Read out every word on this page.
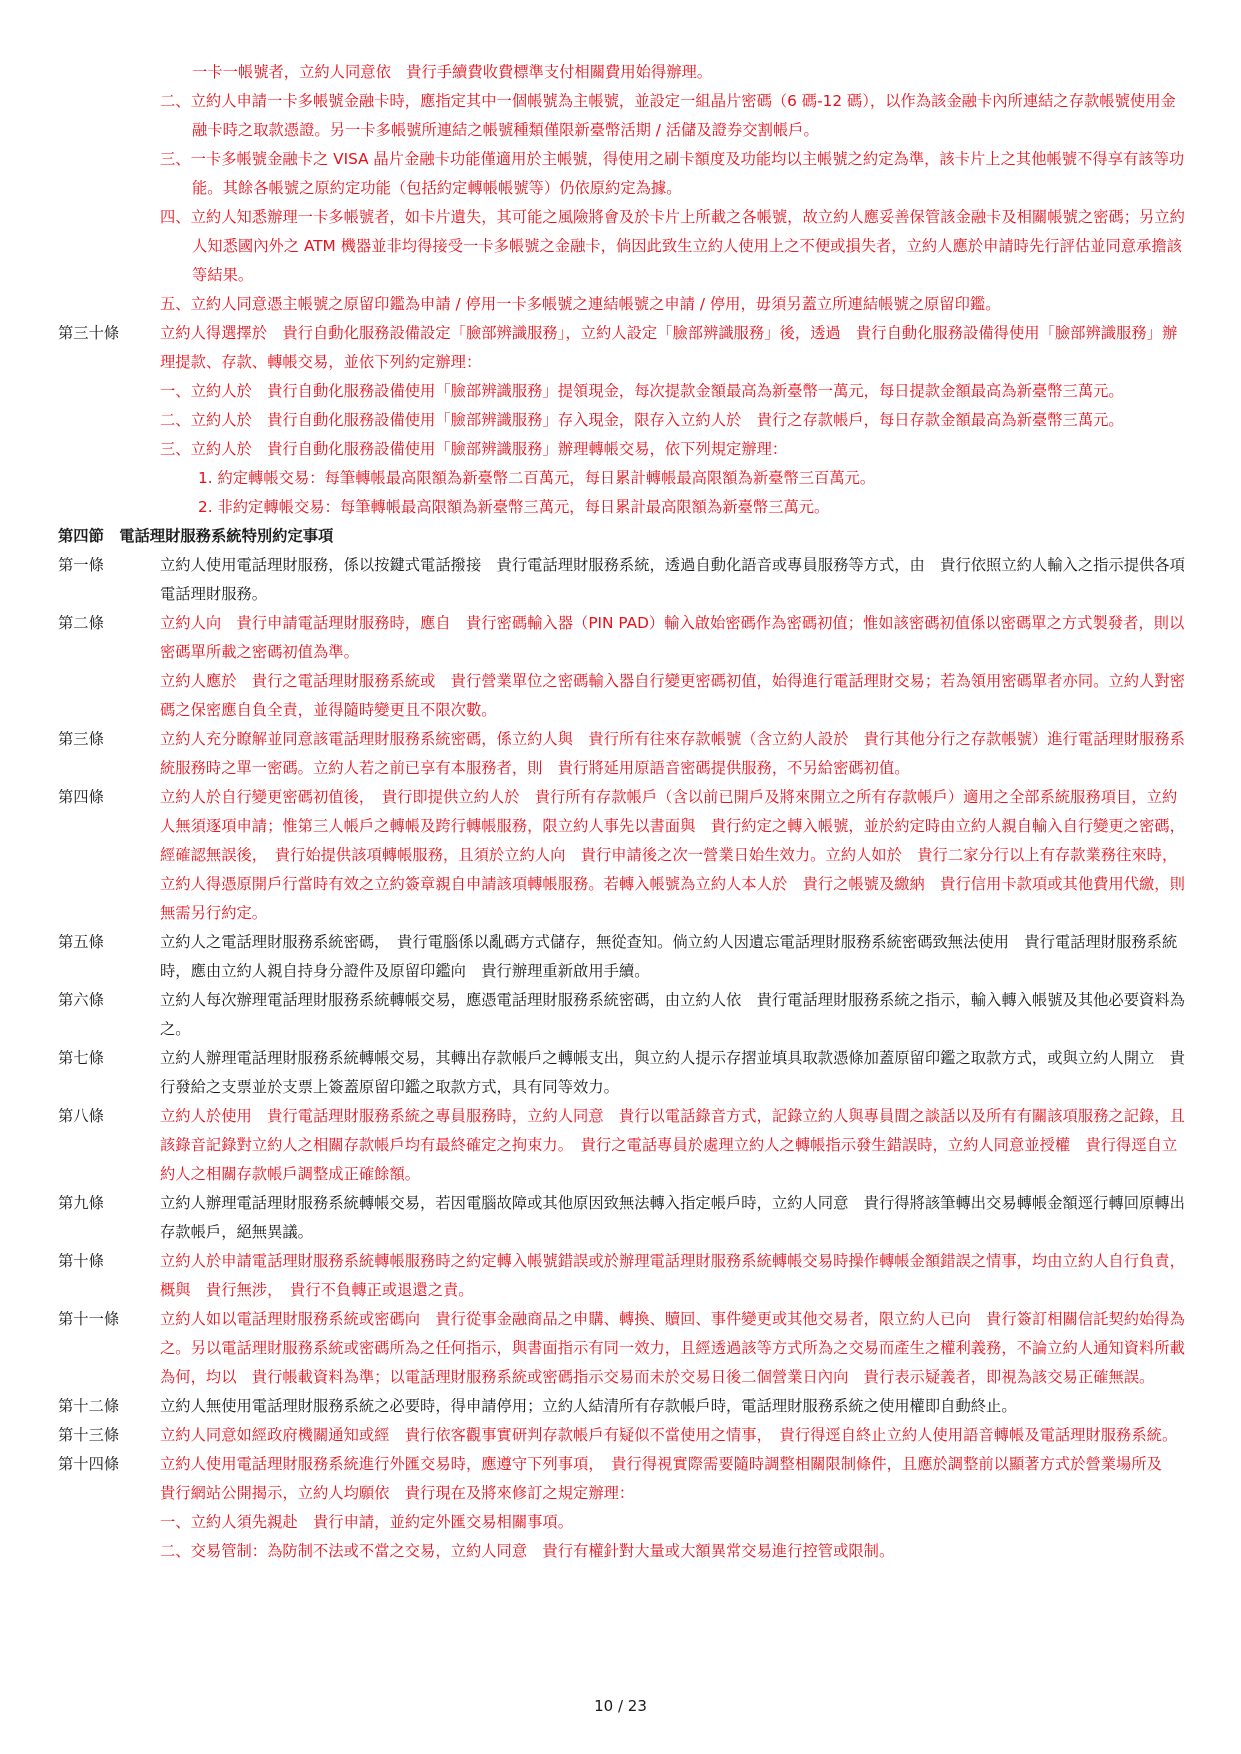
一卡一帳號者，立約人同意依　貴行手續費收費標準支付相關費用始得辦理。
二、立約人申請一卡多帳號金融卡時，應指定其中一個帳號為主帳號，並設定一組晶片密碼（6 碼-12 碼），以作為該金融卡內所連結之存款帳號使用金融卡時之取款憑證。另一卡多帳號所連結之帳號種類僅限新臺幣活期 / 活儲及證券交割帳戶。
三、一卡多帳號金融卡之 VISA 晶片金融卡功能僅適用於主帳號，得使用之刷卡額度及功能均以主帳號之約定為準，該卡片上之其他帳號不得享有該等功能。其餘各帳號之原約定功能（包括約定轉帳帳號等）仍依原約定為據。
四、立約人知悉辦理一卡多帳號者，如卡片遺失，其可能之風險將會及於卡片上所載之各帳號，故立約人應妥善保管該金融卡及相關帳號之密碼；另立約人知悉國內外之 ATM 機器並非均得接受一卡多帳號之金融卡，倘因此致生立約人使用上之不便或損失者，立約人應於申請時先行評估並同意承擔該等結果。
五、立約人同意憑主帳號之原留印鑑為申請 / 停用一卡多帳號之連結帳號之申請 / 停用，毋須另蓋立所連結帳號之原留印鑑。
第三十條	立約人得選擇於　貴行自動化服務設備設定「臉部辨識服務」，立約人設定「臉部辨識服務」後，透過　貴行自動化服務設備得使用「臉部辨識服務」辦理提款、存款、轉帳交易，並依下列約定辦理：
一、立約人於　貴行自動化服務設備使用「臉部辨識服務」提領現金，每次提款金額最高為新臺幣一萬元，每日提款金額最高為新臺幣三萬元。
二、立約人於　貴行自動化服務設備使用「臉部辨識服務」存入現金，限存入立約人於　貴行之存款帳戶，每日存款金額最高為新臺幣三萬元。
三、立約人於　貴行自動化服務設備使用「臉部辨識服務」辦理轉帳交易，依下列規定辦理：
1. 約定轉帳交易：每筆轉帳最高限額為新臺幣二百萬元，每日累計轉帳最高限額為新臺幣三百萬元。
2. 非約定轉帳交易：每筆轉帳最高限額為新臺幣三萬元，每日累計最高限額為新臺幣三萬元。
第四節　電話理財服務系統特別約定事項
第一條	立約人使用電話理財服務，係以按鍵式電話撥接　貴行電話理財服務系統，透過自動化語音或專員服務等方式，由　貴行依照立約人輸入之指示提供各項電話理財服務。
第二條	立約人向　貴行申請電話理財服務時，應自　貴行密碼輸入器（PIN PAD）輸入啟始密碼作為密碼初值；惟如該密碼初值係以密碼單之方式製發者，則以密碼單所載之密碼初值為準。
立約人應於　貴行之電話理財服務系統或　貴行營業單位之密碼輸入器自行變更密碼初值，始得進行電話理財交易；若為領用密碼單者亦同。立約人對密碼之保密應自負全責，並得隨時變更且不限次數。
第三條	立約人充分瞭解並同意該電話理財服務系統密碼，係立約人與　貴行所有往來存款帳號（含立約人設於　貴行其他分行之存款帳號）進行電話理財服務系統服務時之單一密碼。立約人若之前已享有本服務者，則　貴行將延用原語音密碼提供服務，不另給密碼初值。
第四條	立約人於自行變更密碼初值後，　貴行即提供立約人於　貴行所有存款帳戶（含以前已開戶及將來開立之所有存款帳戶）適用之全部系統服務項目，立約人無須逐項申請；惟第三人帳戶之轉帳及跨行轉帳服務，限立約人事先以書面與　貴行約定之轉入帳號，並於約定時由立約人親自輸入自行變更之密碼，經確認無誤後，　貴行始提供該項轉帳服務，且須於立約人向　貴行申請後之次一營業日始生效力。立約人如於　貴行二家分行以上有存款業務往來時，立約人得憑原開戶行當時有效之立約簽章親自申請該項轉帳服務。若轉入帳號為立約人本人於　貴行之帳號及繳納　貴行信用卡款項或其他費用代繳，則無需另行約定。
第五條	立約人之電話理財服務系統密碼，　貴行電腦係以亂碼方式儲存，無從查知。倘立約人因遺忘電話理財服務系統密碼致無法使用　貴行電話理財服務系統時，應由立約人親自持身分證件及原留印鑑向　貴行辦理重新啟用手續。
第六條	立約人每次辦理電話理財服務系統轉帳交易，應憑電話理財服務系統密碼，由立約人依　貴行電話理財服務系統之指示，輸入轉入帳號及其他必要資料為之。
第七條	立約人辦理電話理財服務系統轉帳交易，其轉出存款帳戶之轉帳支出，與立約人提示存摺並填具取款憑條加蓋原留印鑑之取款方式，或與立約人開立　貴行發給之支票並於支票上簽蓋原留印鑑之取款方式，具有同等效力。
第八條	立約人於使用　貴行電話理財服務系統之專員服務時，立約人同意　貴行以電話錄音方式，記錄立約人與專員間之談話以及所有有關該項服務之記錄，且該錄音記錄對立約人之相關存款帳戶均有最終確定之拘束力。　貴行之電話專員於處理立約人之轉帳指示發生錯誤時，立約人同意並授權　貴行得逕自立約人之相關存款帳戶調整成正確餘額。
第九條	立約人辦理電話理財服務系統轉帳交易，若因電腦故障或其他原因致無法轉入指定帳戶時，立約人同意　貴行得將該筆轉出交易轉帳金額逕行轉回原轉出存款帳戶，絕無異議。
第十條	立約人於申請電話理財服務系統轉帳服務時之約定轉入帳號錯誤或於辦理電話理財服務系統轉帳交易時操作轉帳金額錯誤之情事，均由立約人自行負責，概與　貴行無涉，　貴行不負轉正或退還之責。
第十一條	立約人如以電話理財服務系統或密碼向　貴行從事金融商品之申購、轉換、贖回、事件變更或其他交易者，限立約人已向　貴行簽訂相關信託契約始得為之。另以電話理財服務系統或密碼所為之任何指示，與書面指示有同一效力，且經透過該等方式所為之交易而產生之權利義務，不論立約人通知資料所載為何，均以　貴行帳載資料為準；以電話理財服務系統或密碼指示交易而未於交易日後二個營業日內向　貴行表示疑義者，即視為該交易正確無誤。
第十二條	立約人無使用電話理財服務系統之必要時，得申請停用；立約人結清所有存款帳戶時，電話理財服務系統之使用權即自動終止。
第十三條	立約人同意如經政府機關通知或經　貴行依客觀事實研判存款帳戶有疑似不當使用之情事，　貴行得逕自終止立約人使用語音轉帳及電話理財服務系統。
第十四條	立約人使用電話理財服務系統進行外匯交易時，應遵守下列事項，　貴行得視實際需要隨時調整相關限制條件，且應於調整前以顯著方式於營業場所及　貴行網站公開揭示，立約人均願依　貴行現在及將來修訂之規定辦理：
一、立約人須先親赴　貴行申請，並約定外匯交易相關事項。
二、交易管制：為防制不法或不當之交易，立約人同意　貴行有權針對大量或大額異常交易進行控管或限制。
10 / 23
